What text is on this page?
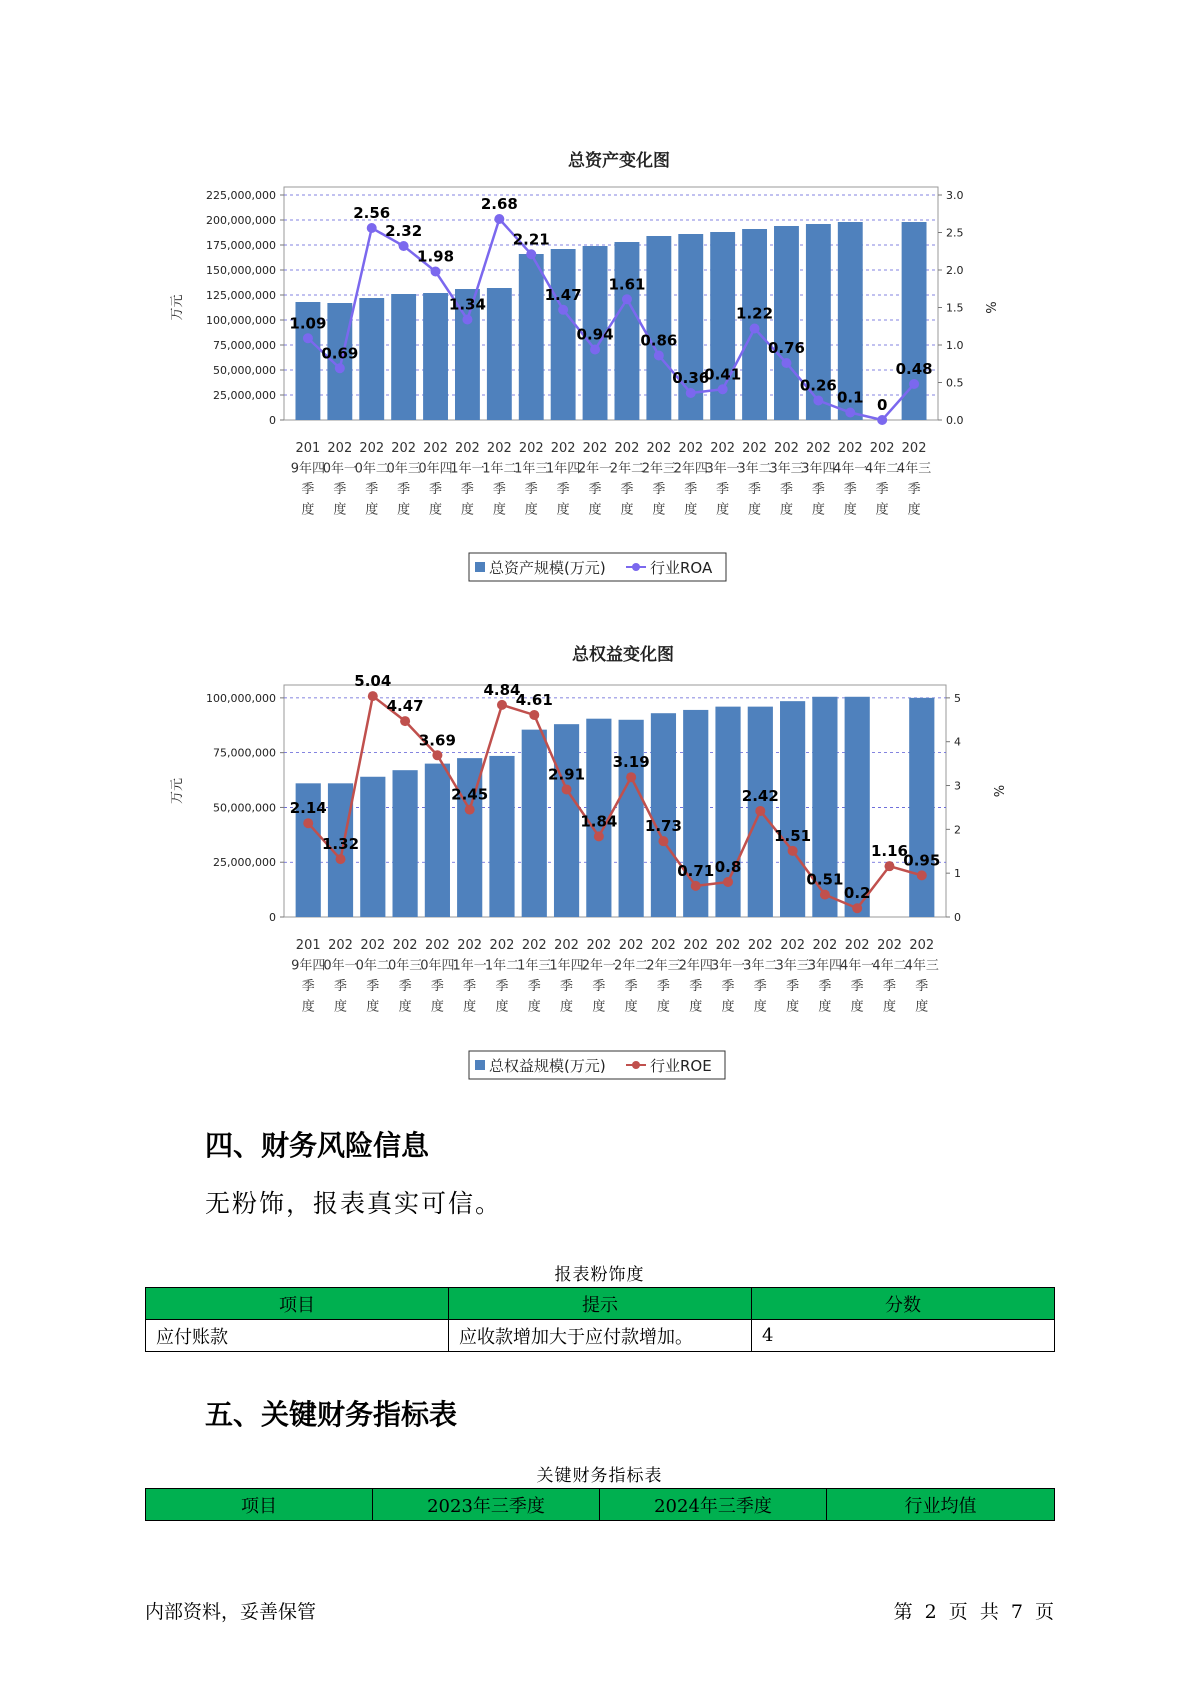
总资产变化图
0
25,000,000
50,000,000
75,000,000
100,000,000
125,000,000
150,000,000
175,000,000
200,000,000
225,000,000
0.0
0.5
1.0
1.5
2.0
2.5
3.0
万元	%
201 9年四季度
202 0年一季度
202 0年二季度
202 0年三季度
202 0年四季度
202 1年一季度
202 1年二季度
202 1年三季度
202 1年四季度
202 2年一季度
202 2年二季度
202 2年三季度
202 2年四季度
202 3年一季度
202 3年二季度
202 3年三季度
202 3年四季度
202 4年一季度
202 4年二季度
202 4年三季度
1.09
0.69
2.56
2.32
1.98
1.34
2.68
2.21
1.47
0.94
1.61
0.86
0.36
0.41
1.22
0.76
0.26
0.1 0
0.48
总资产规模(万元)	行业ROA
总权益变化图
0
25,000,000
50,000,000
75,000,000
100,000,000
0
1
2
3
4
5
万元	%
201 9年四季度
202 0年一季度
202 0年二季度
202 0年三季度
202 0年四季度
202 1年一季度
202 1年二季度
202 1年三季度
202 1年四季度
202 2年一季度
202 2年二季度
202 2年三季度
202 2年四季度
202 3年一季度
202 3年二季度
202 3年三季度
202 3年四季度
202 4年一季度
202 4年二季度
202 4年三季度
2.14
1.32
5.04
4.47
3.69
2.45
4.84
4.61
2.91
1.84
3.19
1.73
0.71 0.8
2.42
1.51
0.51
0.2
1.16
0.95
总权益规模(万元)	行业ROE
四、财务风险信息

无粉饰，报表真实可信。

报表粉饰度
项目	提示	分数
应付账款	应收款增加大于应付款增加。	4
五、关键财务指标表
关键财务指标表
项目	2023年三季度	2024年三季度	行业均值
内部资料，妥善保管	第 2 页 共 7 页
